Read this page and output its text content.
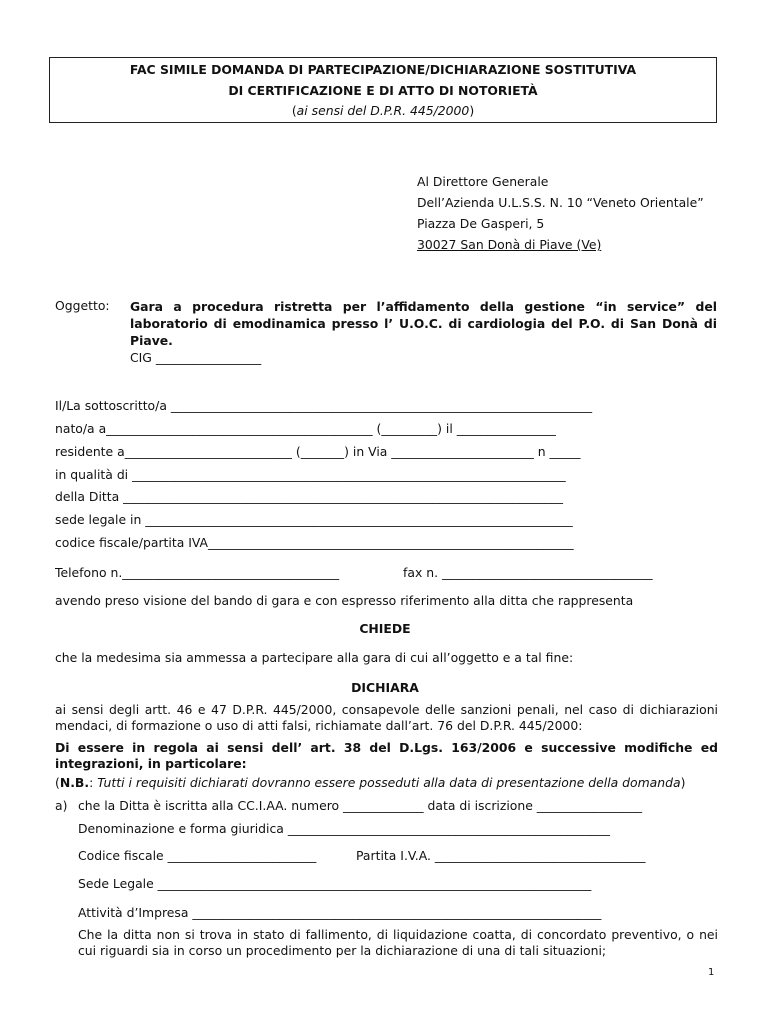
FAC SIMILE DOMANDA DI PARTECIPAZIONE/DICHIARAZIONE SOSTITUTIVA
DI CERTIFICAZIONE E DI ATTO DI NOTORIETÀ
(ai sensi del D.P.R. 445/2000)
Al Direttore Generale
Dell’Azienda U.L.S.S. N. 10 “Veneto Orientale”
Piazza De Gasperi, 5
30027 San Donà di Piave (Ve)
Oggetto: Gara a procedura ristretta per l’affidamento della gestione “in service” del laboratorio di emodinamica presso l’ U.O.C. di cardiologia del P.O. di San Donà di Piave.
CIG _________________
Il/La sottoscritto/a ____________________________________________________________________
nato/a a___________________________________________ (_________) il ________________
residente a___________________________ (_______) in Via _______________________ n _____
in qualità di ______________________________________________________________________
della Ditta _______________________________________________________________________
sede legale in _____________________________________________________________________
codice fiscale/partita IVA___________________________________________________________
Telefono n.___________________________________	fax n. __________________________________
avendo preso visione del bando di gara e con espresso riferimento alla ditta che rappresenta
CHIEDE
che la medesima sia ammessa a partecipare alla gara di cui all’oggetto e a tal fine:
DICHIARA
ai sensi degli artt. 46 e 47 D.P.R. 445/2000, consapevole delle sanzioni penali, nel caso di dichiarazioni mendaci, di formazione o uso di atti falsi, richiamate dall’art. 76 del D.P.R. 445/2000:
Di essere in regola ai sensi dell’ art. 38 del D.Lgs. 163/2006 e successive modifiche ed integrazioni, in particolare:
(N.B.: Tutti i requisiti dichiarati dovranno essere posseduti alla data di presentazione della domanda)
a) che la Ditta è iscritta alla CC.I.AA. numero _____________ data di iscrizione _________________
Denominazione e forma giuridica ____________________________________________________
Codice fiscale ________________________	Partita I.V.A. __________________________________
Sede Legale ______________________________________________________________________
Attività d’Impresa __________________________________________________________________
Che la ditta non si trova in stato di fallimento, di liquidazione coatta, di concordato preventivo, o nei cui riguardi sia in corso un procedimento per la dichiarazione di una di tali situazioni;
1
